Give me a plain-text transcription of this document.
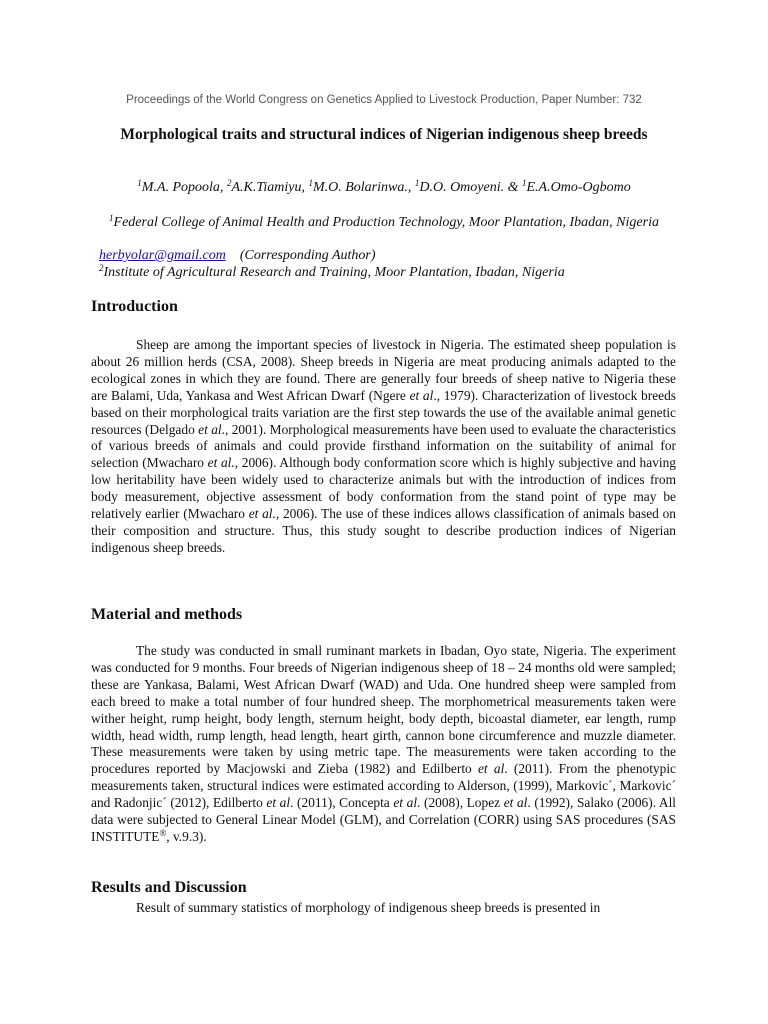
Proceedings of the World Congress on Genetics Applied to Livestock Production, Paper Number: 732
Morphological traits and structural indices of Nigerian indigenous sheep breeds
$^1$M.A. Popoola, $^2$A.K.Tiamiyu, $^1$M.O. Bolarinwa., $^1$D.O. Omoyeni. & $^1$E.A.Omo-Ogbomo
$^1$Federal College of Animal Health and Production Technology, Moor Plantation, Ibadan, Nigeria
herbyolar@gmail.com (Corresponding Author)
$^2$Institute of Agricultural Research and Training, Moor Plantation, Ibadan, Nigeria
Introduction

Sheep are among the important species of livestock in Nigeria. The estimated sheep population is about 26 million herds (CSA, 2008). Sheep breeds in Nigeria are meat producing animals adapted to the ecological zones in which they are found. There are generally four breeds of sheep native to Nigeria these are Balami, Uda, Yankasa and West African Dwarf (Ngere et al., 1979). Characterization of livestock breeds based on their morphological traits variation are the first step towards the use of the available animal genetic resources (Delgado et al., 2001). Morphological measurements have been used to evaluate the characteristics of various breeds of animals and could provide firsthand information on the suitability of animal for selection (Mwacharo et al., 2006). Although body conformation score which is highly subjective and having low heritability have been widely used to characterize animals but with the introduction of indices from body measurement, objective assessment of body conformation from the stand point of type may be relatively earlier (Mwacharo et al., 2006). The use of these indices allows classification of animals based on their composition and structure. Thus, this study sought to describe production indices of Nigerian indigenous sheep breeds.

Material and methods

The study was conducted in small ruminant markets in Ibadan, Oyo state, Nigeria. The experiment was conducted for 9 months. Four breeds of Nigerian indigenous sheep of 18 – 24 months old were sampled; these are Yankasa, Balami, West African Dwarf (WAD) and Uda. One hundred sheep were sampled from each breed to make a total number of four hundred sheep. The morphometrical measurements taken were wither height, rump height, body length, sternum height, body depth, bicoastal diameter, ear length, rump width, head width, rump length, head length, heart girth, cannon bone circumference and muzzle diameter. These measurements were taken by using metric tape. The measurements were taken according to the procedures reported by Macjowski and Zieba (1982) and Edilberto et al. (2011). From the phenotypic measurements taken, structural indices were estimated according to Alderson, (1999), Markovic´, Markovic´ and Radonjic´ (2012), Edilberto et al. (2011), Concepta et al. (2008), Lopez et al. (1992), Salako (2006). All data were subjected to General Linear Model (GLM), and Correlation (CORR) using SAS procedures (SAS INSTITUTE®, v.9.3).

Results and Discussion

Result of summary statistics of morphology of indigenous sheep breeds is presented in
